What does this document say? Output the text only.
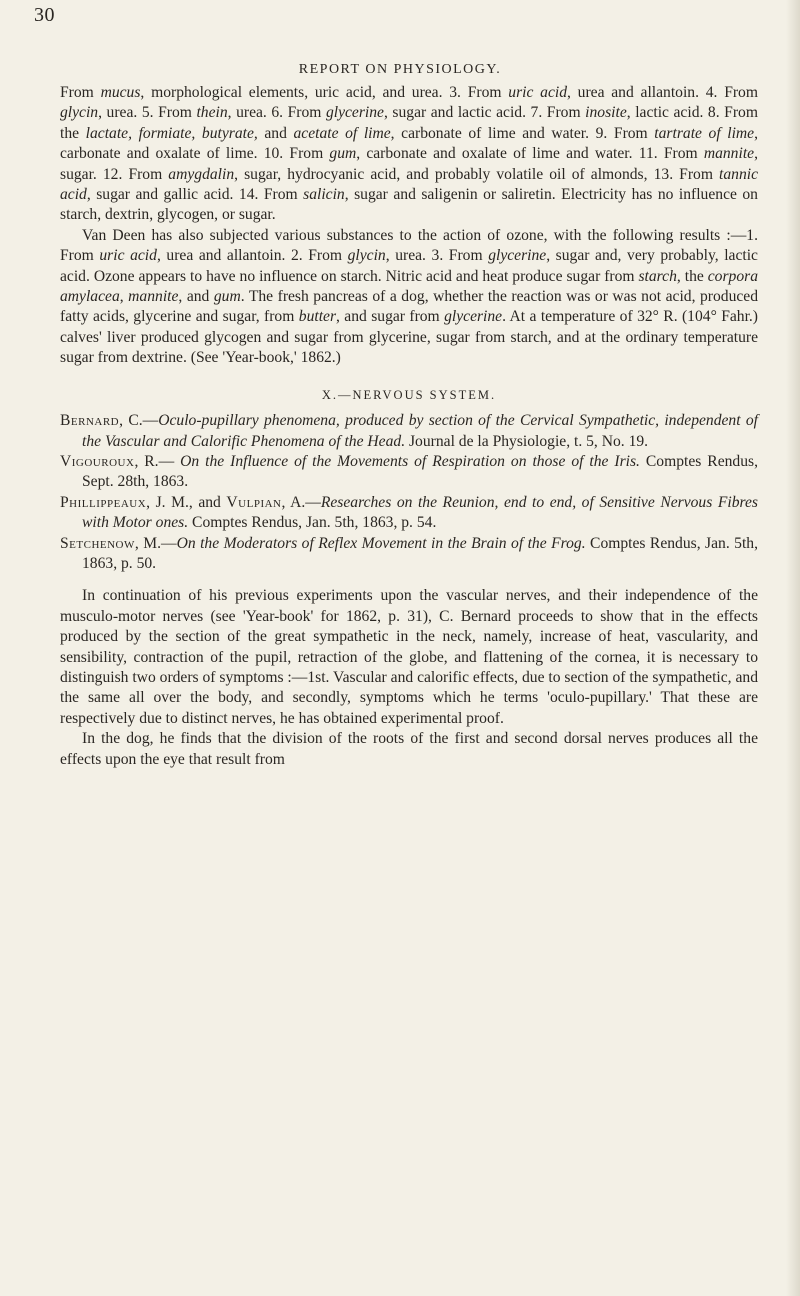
30
REPORT ON PHYSIOLOGY.

From mucus, morphological elements, uric acid, and urea. 3. From uric acid, urea and allantoin. 4. From glycin, urea. 5. From thein, urea. 6. From glycerine, sugar and lactic acid. 7. From inosite, lactic acid. 8. From the lactate, formiate, butyrate, and acetate of lime, carbonate of lime and water. 9. From tartrate of lime, carbonate and oxalate of lime. 10. From gum, carbonate and oxalate of lime and water. 11. From mannite, sugar. 12. From amygdalin, sugar, hydrocyanic acid, and probably volatile oil of almonds, 13. From tannic acid, sugar and gallic acid. 14. From salicin, sugar and saligenin or saliretin. Electricity has no influence on starch, dextrin, glycogen, or sugar.

Van Deen has also subjected various substances to the action of ozone, with the following results :—1. From uric acid, urea and allantoin. 2. From glycin, urea. 3. From glycerine, sugar and, very probably, lactic acid. Ozone appears to have no influence on starch. Nitric acid and heat produce sugar from starch, the corpora amylacea, mannite, and gum. The fresh pancreas of a dog, whether the reaction was or was not acid, produced fatty acids, glycerine and sugar, from butter, and sugar from glycerine. At a temperature of 32° R. (104° Fahr.) calves' liver produced glycogen and sugar from glycerine, sugar from starch, and at the ordinary temperature sugar from dextrine. (See 'Year-book,' 1862.)

X.—NERVOUS SYSTEM.

Bernard, C.—Oculo-pupillary phenomena, produced by section of the Cervical Sympathetic, independent of the Vascular and Calorific Phenomena of the Head. Journal de la Physiologie, t. 5, No. 19.

Vigouroux, R.— On the Influence of the Movements of Respiration on those of the Iris. Comptes Rendus, Sept. 28th, 1863.

Phillippeaux, J. M., and Vulpian, A.—Researches on the Reunion, end to end, of Sensitive Nervous Fibres with Motor ones. Comptes Rendus, Jan. 5th, 1863, p. 54.

Setchenow, M.—On the Moderators of Reflex Movement in the Brain of the Frog. Comptes Rendus, Jan. 5th, 1863, p. 50.

In continuation of his previous experiments upon the vascular nerves, and their independence of the musculo-motor nerves (see 'Year-book' for 1862, p. 31), C. Bernard proceeds to show that in the effects produced by the section of the great sympathetic in the neck, namely, increase of heat, vascularity, and sensibility, contraction of the pupil, retraction of the globe, and flattening of the cornea, it is necessary to distinguish two orders of symptoms :—1st. Vascular and calorific effects, due to section of the sympathetic, and the same all over the body, and secondly, symptoms which he terms 'oculo-pupillary.' That these are respectively due to distinct nerves, he has obtained experimental proof.

In the dog, he finds that the division of the roots of the first and second dorsal nerves produces all the effects upon the eye that result from
